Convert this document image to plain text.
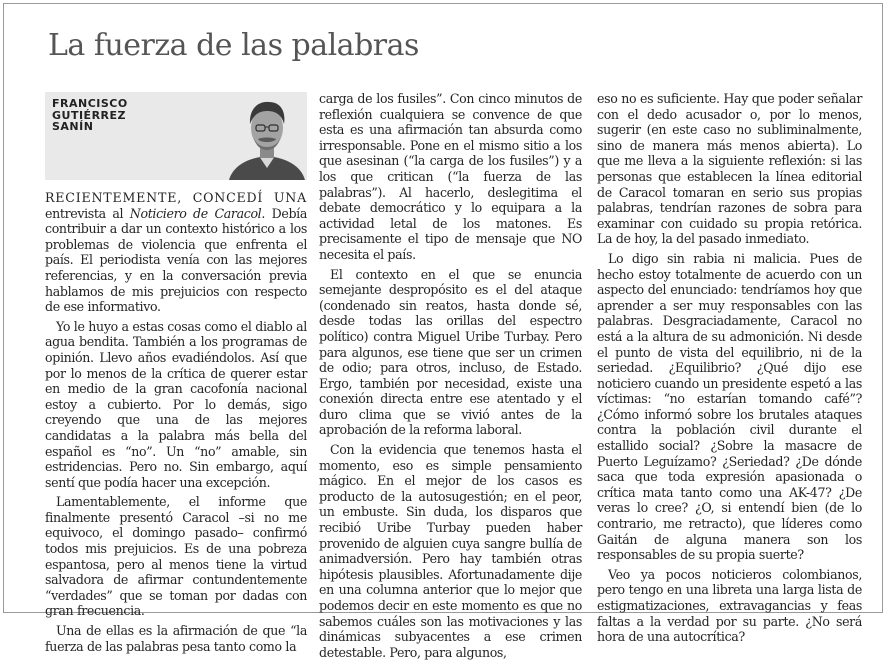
La fuerza de las palabras
FRANCISCO
GUTIÉRREZ
SANÍN

RECIENTEMENTE, CONCEDÍ UNA entrevista al Noticiero de Caracol. Debía contribuir a dar un contexto histórico a los problemas de violencia que enfrenta el país. El periodista venía con las mejores referencias, y en la conversación previa hablamos de mis prejuicios con respecto de ese informativo.

Yo le huyo a estas cosas como el diablo al agua bendita. También a los programas de opinión. Llevo años evadiéndolos. Así que por lo menos de la crítica de querer estar en medio de la gran cacofonía nacional estoy a cubierto. Por lo demás, sigo creyendo que una de las mejores candidatas a la palabra más bella del español es “no”. Un “no” amable, sin estridencias. Pero no. Sin embargo, aquí sentí que podía hacer una excepción.

Lamentablemente, el informe que finalmente presentó Caracol –si no me equivoco, el domingo pasado– confirmó todos mis prejuicios. Es de una pobreza espantosa, pero al menos tiene la virtud salvadora de afirmar contundentemente “verdades” que se toman por dadas con gran frecuencia.

Una de ellas es la afirmación de que “la fuerza de las palabras pesa tanto como la

carga de los fusiles”. Con cinco minutos de reflexión cualquiera se convence de que esta es una afirmación tan absurda como irresponsable. Pone en el mismo sitio a los que asesinan (“la carga de los fusiles”) y a los que critican (“la fuerza de las palabras”). Al hacerlo, deslegitima el debate democrático y lo equipara a la actividad letal de los matones. Es precisamente el tipo de mensaje que NO necesita el país.

El contexto en el que se enuncia semejante despropósito es el del ataque (condenado sin reatos, hasta donde sé, desde todas las orillas del espectro político) contra Miguel Uribe Turbay. Pero para algunos, ese tiene que ser un crimen de odio; para otros, incluso, de Estado. Ergo, también por necesidad, existe una conexión directa entre ese atentado y el duro clima que se vivió antes de la aprobación de la reforma laboral.

Con la evidencia que tenemos hasta el momento, eso es simple pensamiento mágico. En el mejor de los casos es producto de la autosugestión; en el peor, un embuste. Sin duda, los disparos que recibió Uribe Turbay pueden haber provenido de alguien cuya sangre bullía de animadversión. Pero hay también otras hipótesis plausibles. Afortunadamente dije en una columna anterior que lo mejor que podemos decir en este momento es que no sabemos cuáles son las motivaciones y las dinámicas subyacentes a ese crimen detestable. Pero, para algunos,

eso no es suficiente. Hay que poder señalar con el dedo acusador o, por lo menos, sugerir (en este caso no subliminalmente, sino de manera más menos abierta). Lo que me lleva a la siguiente reflexión: si las personas que establecen la línea editorial de Caracol tomaran en serio sus propias palabras, tendrían razones de sobra para examinar con cuidado su propia retórica. La de hoy, la del pasado inmediato.

Lo digo sin rabia ni malicia. Pues de hecho estoy totalmente de acuerdo con un aspecto del enunciado: tendríamos hoy que aprender a ser muy responsables con las palabras. Desgraciadamente, Caracol no está a la altura de su admonición. Ni desde el punto de vista del equilibrio, ni de la seriedad. ¿Equilibrio? ¿Qué dijo ese noticiero cuando un presidente espetó a las víctimas: “no estarían tomando café”? ¿Cómo informó sobre los brutales ataques contra la población civil durante el estallido social? ¿Sobre la masacre de Puerto Leguízamo? ¿Seriedad? ¿De dónde saca que toda expresión apasionada o crítica mata tanto como una AK-47? ¿De veras lo cree? ¿O, si entendí bien (de lo contrario, me retracto), que líderes como Gaitán de alguna manera son los responsables de su propia suerte?

Veo ya pocos noticieros colombianos, pero tengo en una libreta una larga lista de estigmatizaciones, extravagancias y feas faltas a la verdad por su parte. ¿No será hora de una autocrítica?
